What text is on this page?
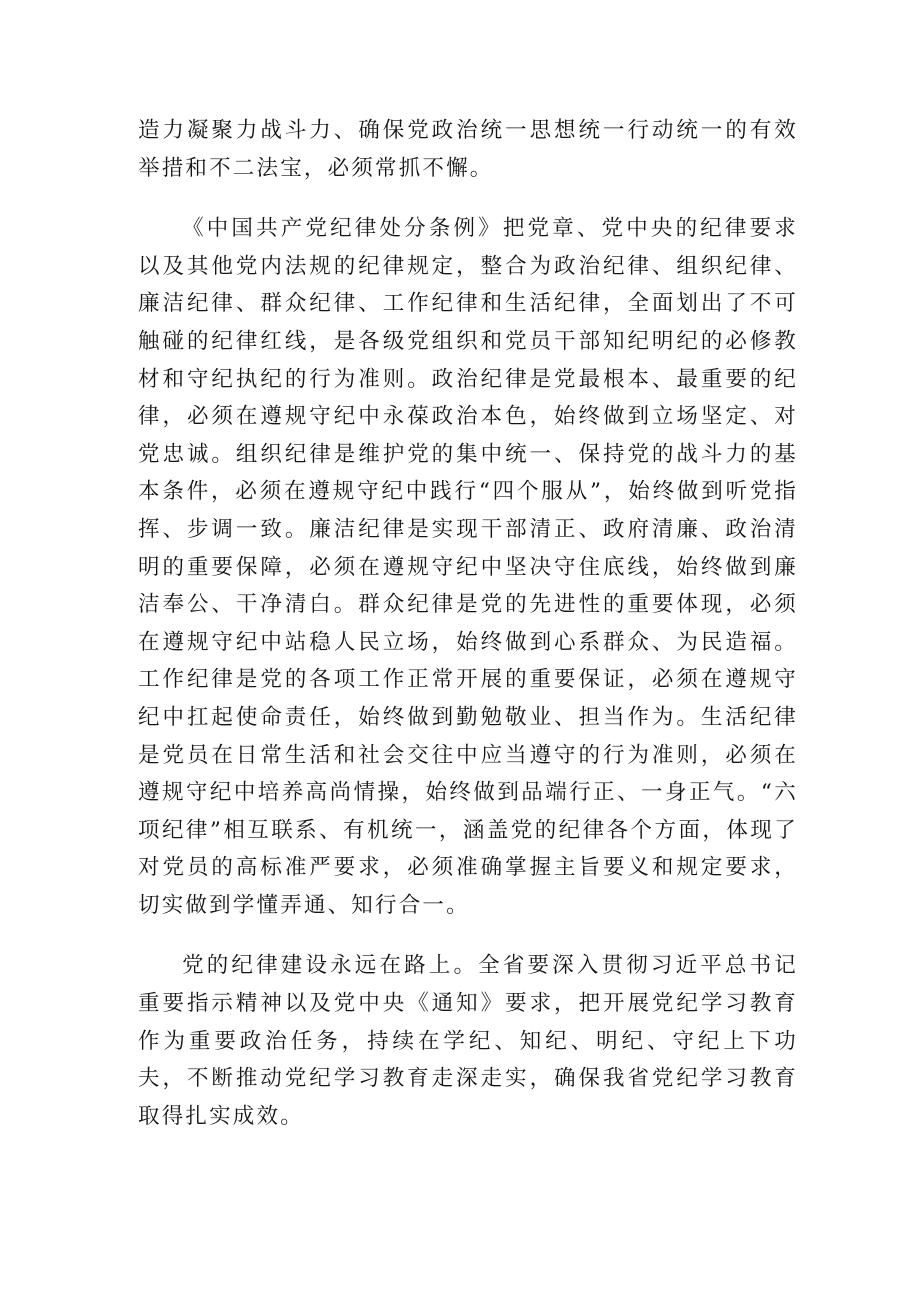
造力凝聚力战斗力、确保党政治统一思想统一行动统一的有效举措和不二法宝，必须常抓不懈。

《中国共产党纪律处分条例》把党章、党中央的纪律要求以及其他党内法规的纪律规定，整合为政治纪律、组织纪律、廉洁纪律、群众纪律、工作纪律和生活纪律，全面划出了不可触碰的纪律红线，是各级党组织和党员干部知纪明纪的必修教材和守纪执纪的行为准则。政治纪律是党最根本、最重要的纪律，必须在遵规守纪中永葆政治本色，始终做到立场坚定、对党忠诚。组织纪律是维护党的集中统一、保持党的战斗力的基本条件，必须在遵规守纪中践行“四个服从”，始终做到听党指挥、步调一致。廉洁纪律是实现干部清正、政府清廉、政治清明的重要保障，必须在遵规守纪中坚决守住底线，始终做到廉洁奉公、干净清白。群众纪律是党的先进性的重要体现，必须在遵规守纪中站稳人民立场，始终做到心系群众、为民造福。工作纪律是党的各项工作正常开展的重要保证，必须在遵规守纪中扛起使命责任，始终做到勤勉敬业、担当作为。生活纪律是党员在日常生活和社会交往中应当遵守的行为准则，必须在遵规守纪中培养高尚情操，始终做到品端行正、一身正气。“六项纪律”相互联系、有机统一，涵盖党的纪律各个方面，体现了对党员的高标准严要求，必须准确掌握主旨要义和规定要求，切实做到学懂弄通、知行合一。

党的纪律建设永远在路上。全省要深入贯彻习近平总书记重要指示精神以及党中央《通知》要求，把开展党纪学习教育作为重要政治任务，持续在学纪、知纪、明纪、守纪上下功夫，不断推动党纪学习教育走深走实，确保我省党纪学习教育取得扎实成效。
